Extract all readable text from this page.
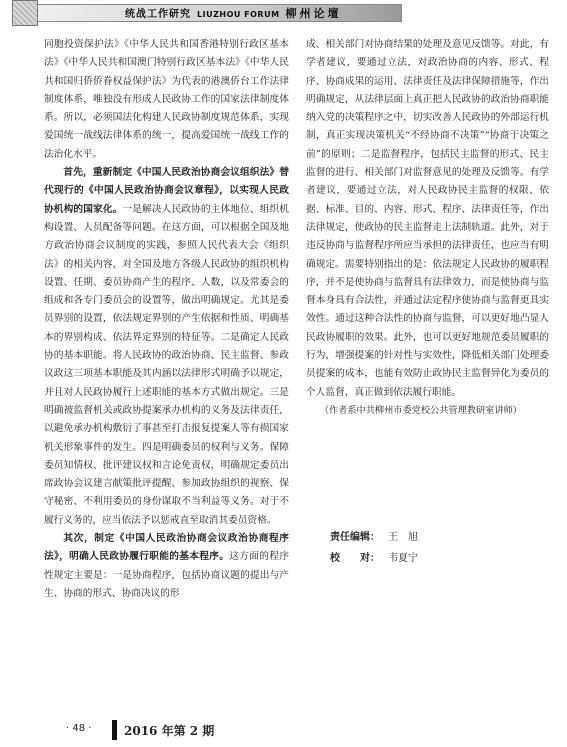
统战工作研究 LIUZHOU FORUM 柳州论壇

同胞投资保护法》《中华人民共和国香港特别行政区基本法》《中华人民共和国澳门特别行政区基本法》《中华人民共和国归侨侨眷权益保护法》为代表的港澳侨台工作法律制度体系，唯独没有形成人民政协工作的国家法律制度体系。所以，必须国法化构建人民政协制度规范体系，实现爱国统一战线法律体系的统一，提高爱国统一战线工作的法治化水平。

首先，重新制定《中国人民政治协商会议组织法》替代现行的《中国人民政治协商会议章程》，以实现人民政协机构的国家化。一是解决人民政协的主体地位、组织机构设置、人员配备等问题。在这方面，可以根据全国及地方政治协商会议制度的实践，参照人民代表大会《组织法》的相关内容，对全国及地方各级人民政协的组织机构设置、任期、委员协商产生的程序、人数，以及常委会的组成和各专门委员会的设置等，做出明确规定。尤其是委员界别的设置，依法规定界别的产生依据和性质、明确基本的界别构成、依法界定界别的特征等。二是确定人民政协的基本职能。将人民政协的政治协商、民主监督、参政议政这三项基本职能及其内涵以法律形式明确予以规定，并且对人民政协履行上述职能的基本方式做出规定。三是明确被监督机关或政协提案承办机构的义务及法律责任，以避免承办机构敷衍了事甚至打击报复提案人等有损国家机关形象事件的发生。四是明确委员的权利与义务。保障委员知情权、批评建议权和言论免责权，明确规定委员出席政协会议建言献策批评提醒、参加政协组织的视察、保守秘密、不利用委员的身份谋取不当利益等义务。对于不履行义务的，应当依法予以惩戒直至取消其委员资格。

其次，制定《中国人民政治协商会议政治协商程序法》，明确人民政协履行职能的基本程序。这方面的程序性规定主要是：一是协商程序，包括协商议题的提出与产生、协商的形式、协商决议的形

成、相关部门对协商结果的处理及意见反馈等。对此，有学者建议，要通过立法，对政治协商的内容、形式、程序、协商成果的运用、法律责任及法律保障措施等，作出明确规定，从法律层面上真正把人民政协的政治协商职能纳入党的决策程序之中，切实改善人民政协的外部运行机制，真正实现决策机关“不经协商不决策”“协商于决策之前”的原则；二是监督程序，包括民主监督的形式、民主监督的进行、相关部门对监督意见的处理及反馈等。有学者建议，要通过立法，对人民政协民主监督的权限、依据、标准、目的、内容、形式、程序、法律责任等，作出法律规定，使政协的民主监督走上法制轨道。此外，对于违反协商与监督程序所应当承担的法律责任，也应当有明确规定。需要特别指出的是：依法规定人民政协的履职程序，并不是使协商与监督具有法律效力，而是使协商与监督本身具有合法性，并通过法定程序使协商与监督更具实效性。通过这种合法性的协商与监督，可以更好地凸显人民政协履职的效果。此外，也可以更好地规范委员履职的行为，增强提案的针对性与实效性，降低相关部门处理委员提案的成本，也能有效防止政协民主监督异化为委员的个人监督，真正做到依法履行职能。

（作者系中共柳州市委党校公共管理教研室讲师）

责任编辑： 王　旭
校　　对： 韦夏宁
· 48 ·	2016 年第 2 期
